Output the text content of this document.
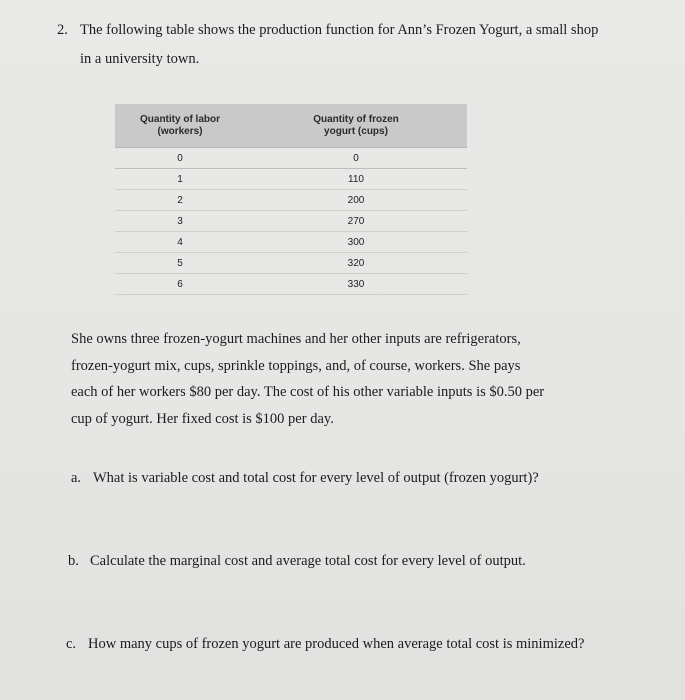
2. The following table shows the production function for Ann’s Frozen Yogurt, a small shop
in a university town.
Quantity of labor
(workers)
Quantity of frozen
yogurt (cups)
0	0
1	110
2	200
3	270
4	300
5	320
6	330
She owns three frozen-yogurt machines and her other inputs are refrigerators,
frozen-yogurt mix, cups, sprinkle toppings, and, of course, workers. She pays
each of her workers $80 per day. The cost of his other variable inputs is $0.50 per
cup of yogurt. Her fixed cost is $100 per day.
a. What is variable cost and total cost for every level of output (frozen yogurt)?
b. Calculate the marginal cost and average total cost for every level of output.
c. How many cups of frozen yogurt are produced when average total cost is minimized?
